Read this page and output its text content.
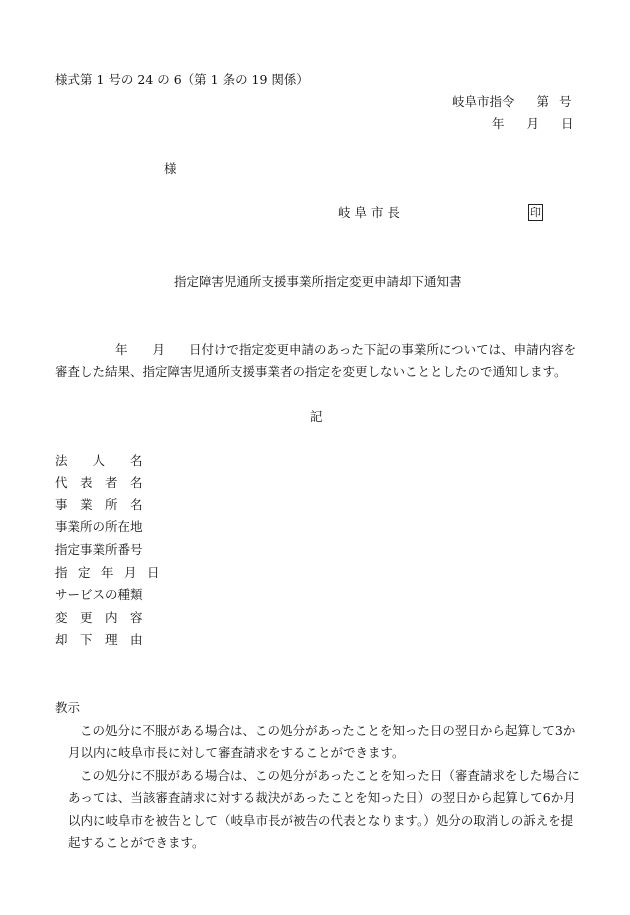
様式第 1 号の 24 の 6（第 1 条の 19 関係）
岐阜市指令 第 号
年 月 日
様
岐 阜 市 長	印
指定障害児通所支援事業所指定変更申請却下通知書
年 月 日付けで指定変更申請のあった下記の事業所については、申請内容を
審査した結果、指定障害児通所支援事業者の指定を変更しないこととしたので通知します。
記
法　　人　　名
代　表　者　名
事　業　所　名
事業所の所在地
指定事業所番号
指　定　年　月　日
サービスの種類
変　更　内　容
却　下　理　由
教示
この処分に不服がある場合は、この処分があったことを知った日の翌日から起算して3か
月以内に岐阜市長に対して審査請求をすることができます。
この処分に不服がある場合は、この処分があったことを知った日（審査請求をした場合に
あっては、当該審査請求に対する裁決があったことを知った日）の翌日から起算して6か月
以内に岐阜市を被告として（岐阜市長が被告の代表となります。）処分の取消しの訴えを提
起することができます。
